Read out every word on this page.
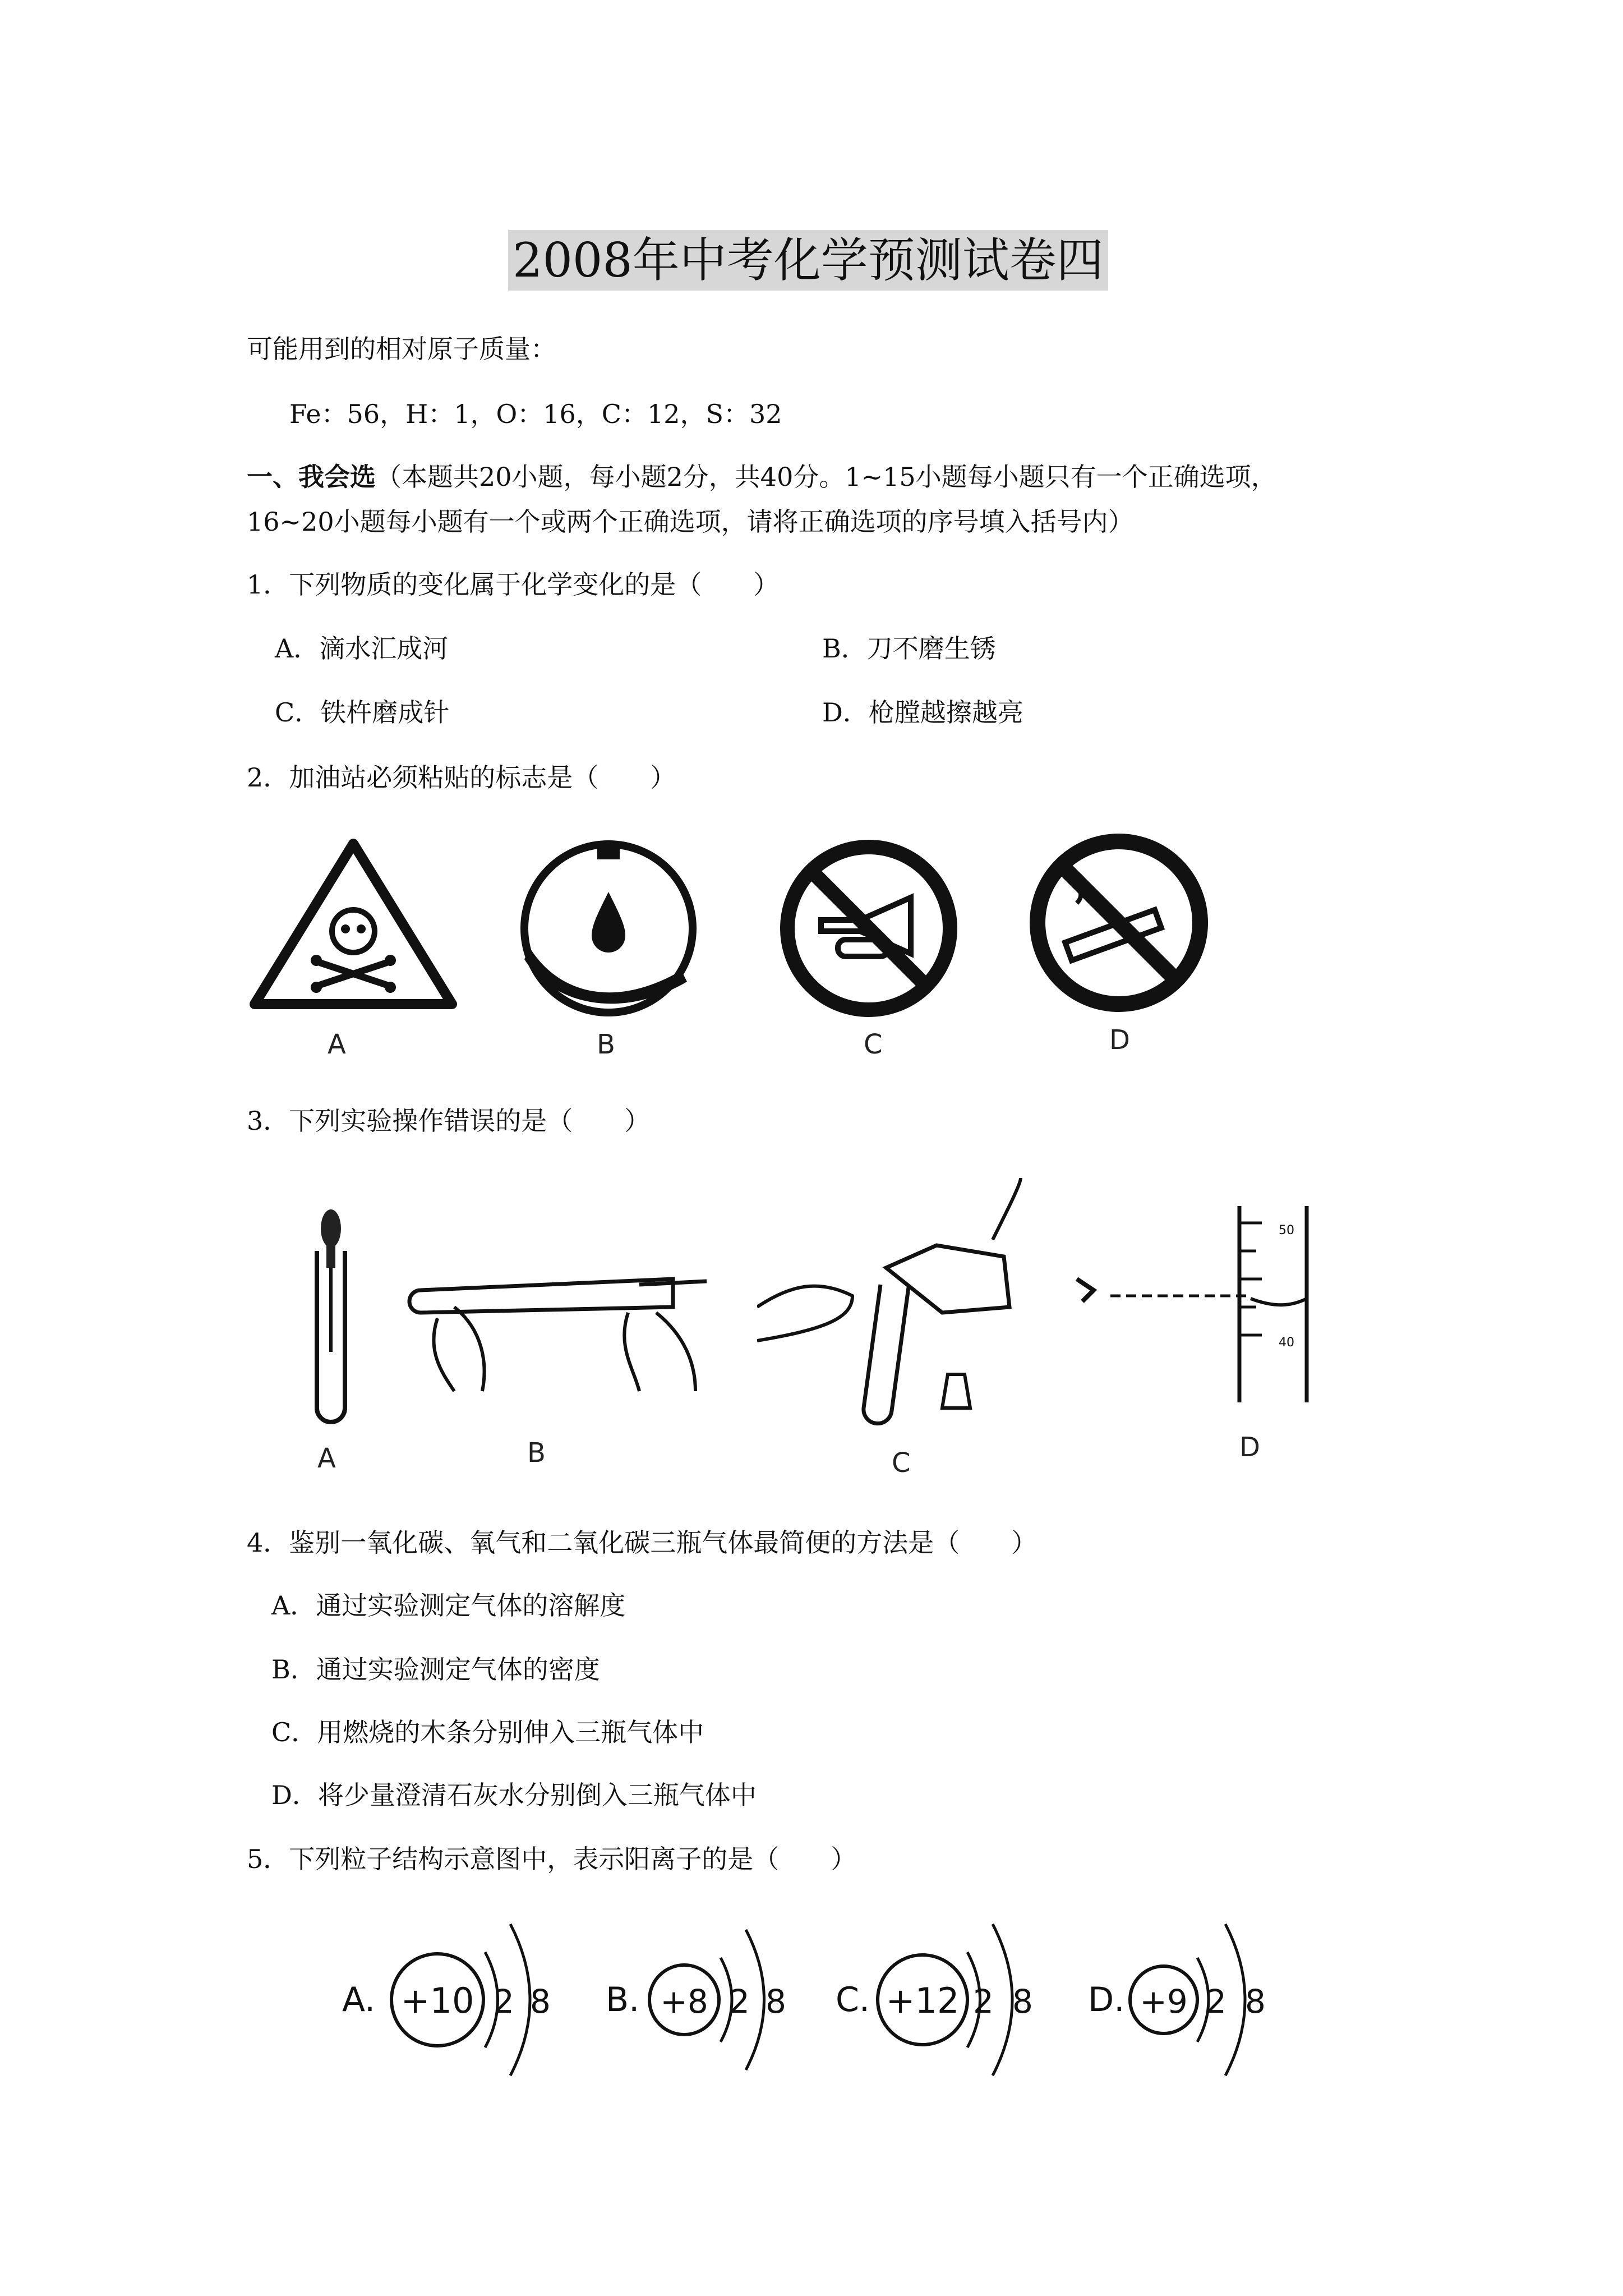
2008年中考化学预测试卷四
可能用到的相对原子质量：
Fe：56，H：1，O：16，C：12，S：32
一、我会选（本题共20小题，每小题2分，共40分。1~15小题每小题只有一个正确选项，
16~20小题每小题有一个或两个正确选项，请将正确选项的序号填入括号内）
1．下列物质的变化属于化学变化的是（　　）
A．滴水汇成河	B．刀不磨生锈
C．铁杵磨成针	D．枪膛越擦越亮
2．加油站必须粘贴的标志是（　　）
A	B	C	D
3．下列实验操作错误的是（　　）
A	B	C
50
40
D
4．鉴别一氧化碳、氧气和二氧化碳三瓶气体最简便的方法是（　　）
A．通过实验测定气体的溶解度
B．通过实验测定气体的密度
C．用燃烧的木条分别伸入三瓶气体中
D．将少量澄清石灰水分别倒入三瓶气体中
5．下列粒子结构示意图中，表示阳离子的是（　　）
A. +10 2 8 B. +8 2 8 C. +12 2 8 D. +9 2 8
